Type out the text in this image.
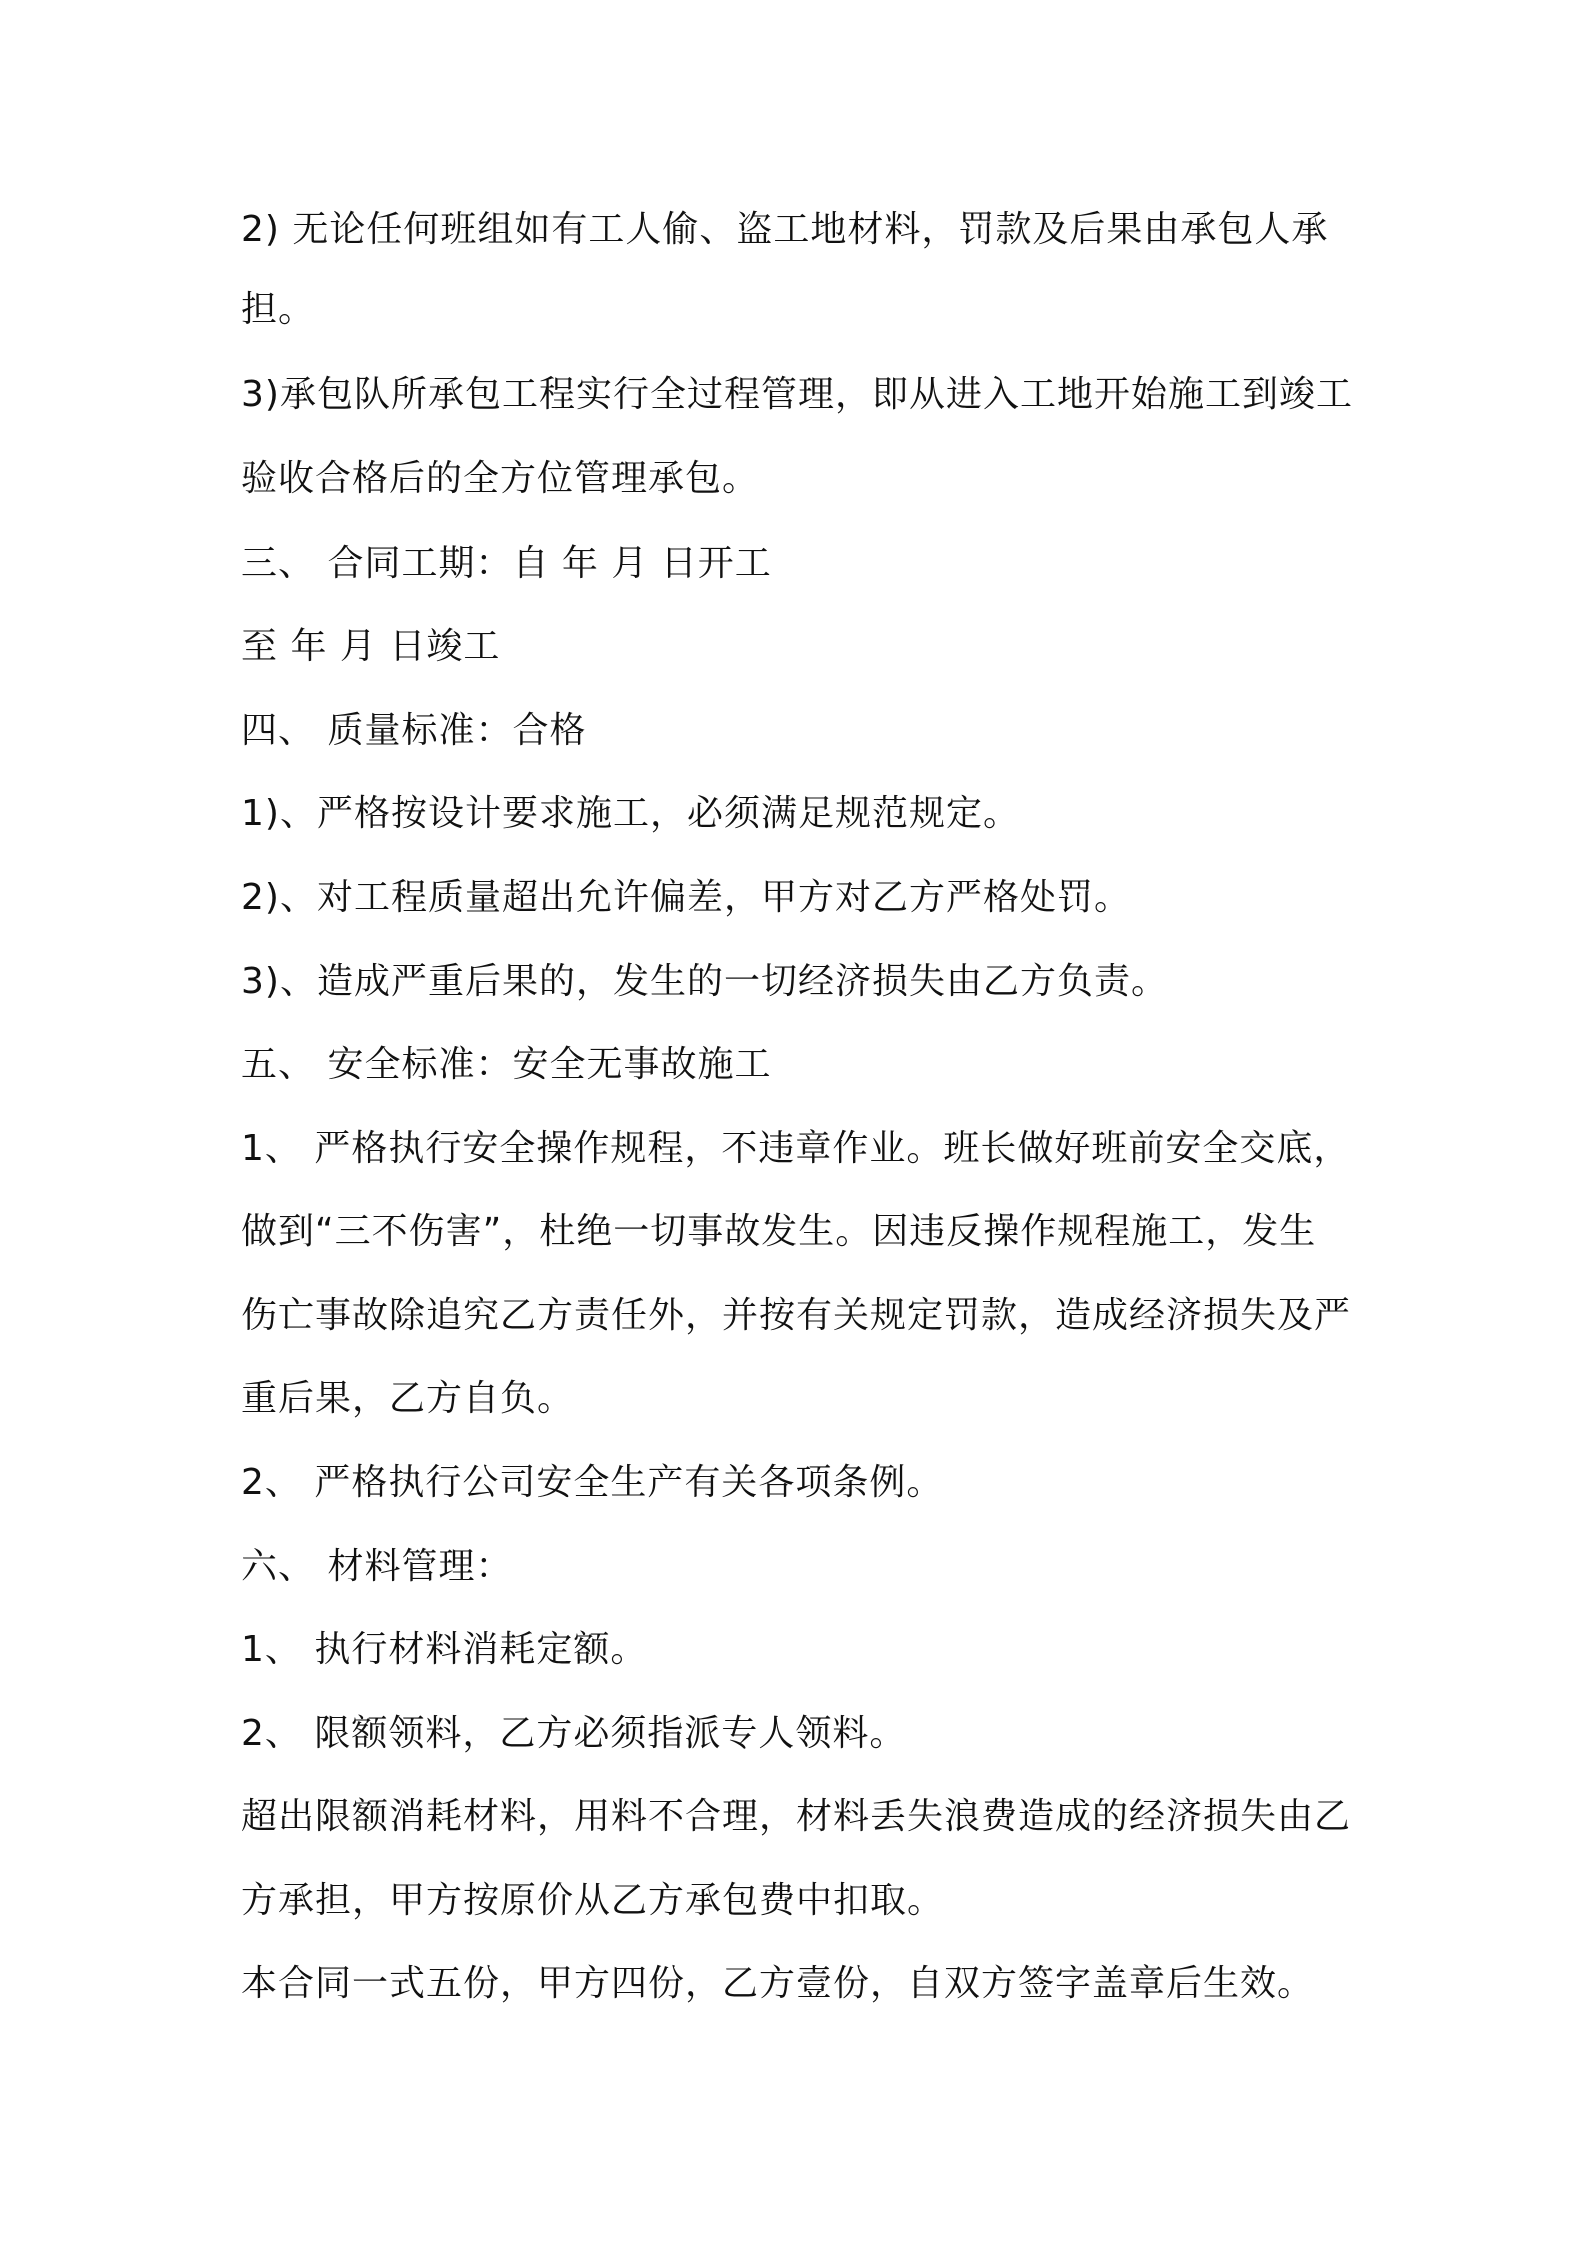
2) 无论任何班组如有工人偷、盗工地材料，罚款及后果由承包人承
担。
3)承包队所承包工程实行全过程管理，即从进入工地开始施工到竣工
验收合格后的全方位管理承包。
三、 合同工期：自 年 月 日开工
至 年 月 日竣工
四、 质量标准：合格
1)、严格按设计要求施工，必须满足规范规定。
2)、对工程质量超出允许偏差，甲方对乙方严格处罚。
3)、造成严重后果的，发生的一切经济损失由乙方负责。
五、 安全标准：安全无事故施工
1、 严格执行安全操作规程，不违章作业。班长做好班前安全交底，
做到“三不伤害”，杜绝一切事故发生。因违反操作规程施工，发生
伤亡事故除追究乙方责任外，并按有关规定罚款，造成经济损失及严
重后果，乙方自负。
2、 严格执行公司安全生产有关各项条例。
六、 材料管理：
1、 执行材料消耗定额。
2、 限额领料，乙方必须指派专人领料。
超出限额消耗材料，用料不合理，材料丢失浪费造成的经济损失由乙
方承担，甲方按原价从乙方承包费中扣取。
本合同一式五份，甲方四份，乙方壹份，自双方签字盖章后生效。
